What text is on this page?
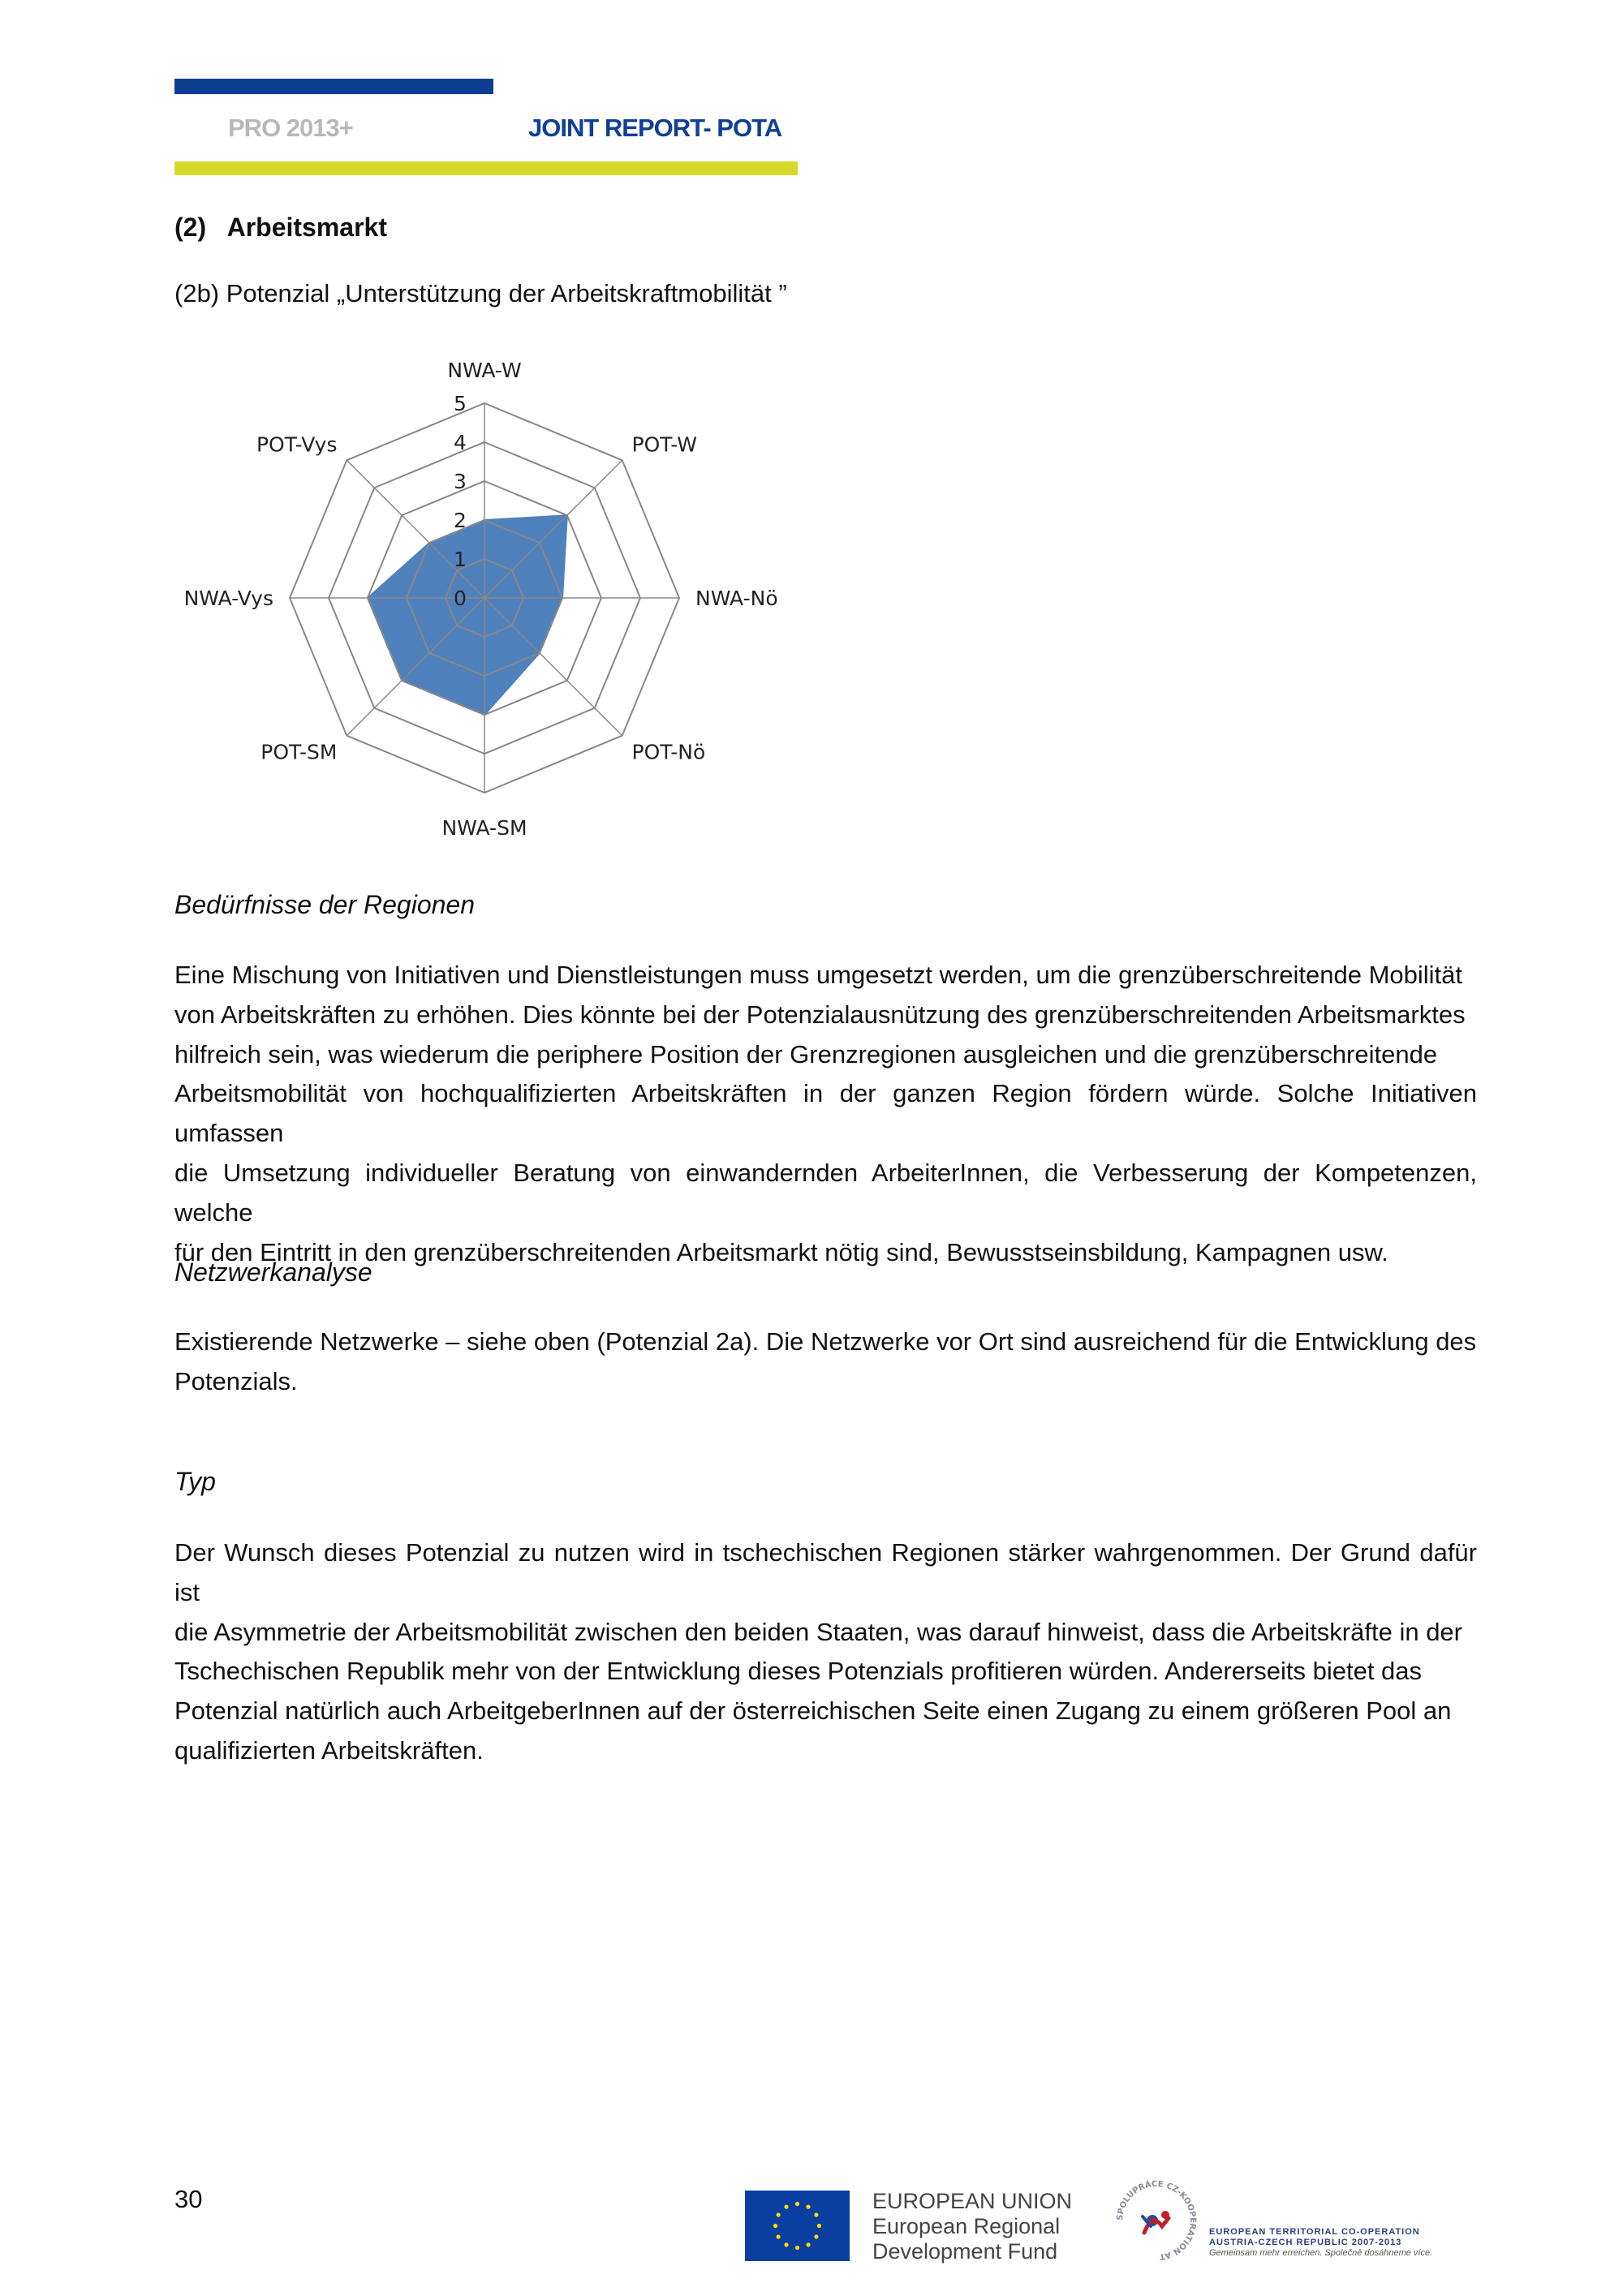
PRO 2013+	JOINT REPORT- POTA
(2)   Arbeitsmarkt
(2b) Potenzial „Unterstützung der Arbeitskraftmobilität ”
0
1
2
3
4
5
NWA-W
POT-W
NWA-Nö
POT-Nö
NWA-SM
POT-SM
NWA-Vys
POT-Vys
Bedürfnisse der Regionen
Eine Mischung von Initiativen und Dienstleistungen muss umgesetzt werden, um die grenzüberschreitende Mobilität
von Arbeitskräften zu erhöhen. Dies könnte bei der Potenzialausnützung des grenzüberschreitenden Arbeitsmarktes
hilfreich sein, was wiederum die periphere Position der Grenzregionen ausgleichen und die grenzüberschreitende
Arbeitsmobilität von hochqualifizierten Arbeitskräften in der ganzen Region fördern würde. Solche Initiativen umfassen
die Umsetzung individueller Beratung von einwandernden ArbeiterInnen, die Verbesserung der Kompetenzen, welche
für den Eintritt in den grenzüberschreitenden Arbeitsmarkt nötig sind, Bewusstseinsbildung, Kampagnen usw.
Netzwerkanalyse
Existierende Netzwerke – siehe oben (Potenzial 2a). Die Netzwerke vor Ort sind ausreichend für die Entwicklung des
Potenzials.
Typ
Der Wunsch dieses Potenzial zu nutzen wird in tschechischen Regionen stärker wahrgenommen. Der Grund dafür ist
die Asymmetrie der Arbeitsmobilität zwischen den beiden Staaten, was darauf hinweist, dass die Arbeitskräfte in der
Tschechischen Republik mehr von der Entwicklung dieses Potenzials profitieren würden. Andererseits bietet das
Potenzial natürlich auch ArbeitgeberInnen auf der österreichischen Seite einen Zugang zu einem größeren Pool an
qualifizierten Arbeitskräften.
30	EUROPEAN UNION
European Regional
Development Fund
SPOLUPRÁCE CZ-KOOPERATION AT
EUROPEAN TERRITORIAL CO-OPERATION
AUSTRIA-CZECH REPUBLIC 2007-2013
Gemeinsam mehr erreichen. Společně dosáhneme více.
